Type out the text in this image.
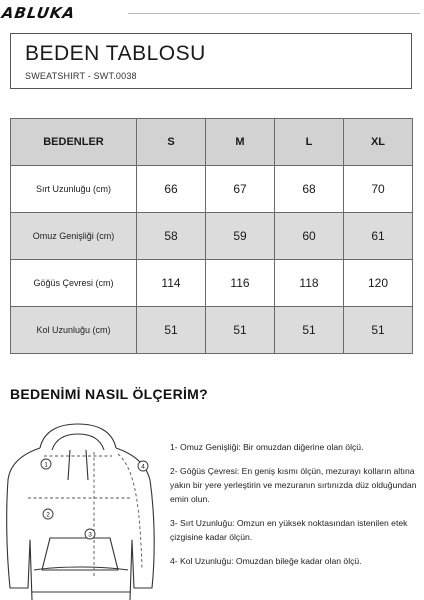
ABLUKA
BEDEN TABLOSU
SWEATSHIRT - SWT.0038
BEDENLER	S	M	L	XL
Sırt Uzunluğu (cm)	66	67	68	70
Omuz Genişliği (cm)	58	59	60	61
Göğüs Çevresi (cm)	114	116	118	120
Kol Uzunluğu (cm)	51	51	51	51
BEDENİMİ NASIL ÖLÇERİM?
1
2
3
4

1- Omuz Genişliği: Bir omuzdan diğerine olan ölçü.

2- Göğüs Çevresi: En geniş kısmı ölçün, mezurayı kolların altına yakın bir yere yerleştirin ve mezuranın sırtınızda düz olduğundan emin olun.

3- Sırt Uzunluğu: Omzun en yüksek noktasından istenilen etek çizgisine kadar ölçün.

4- Kol Uzunluğu: Omuzdan bileğe kadar olan ölçü.
